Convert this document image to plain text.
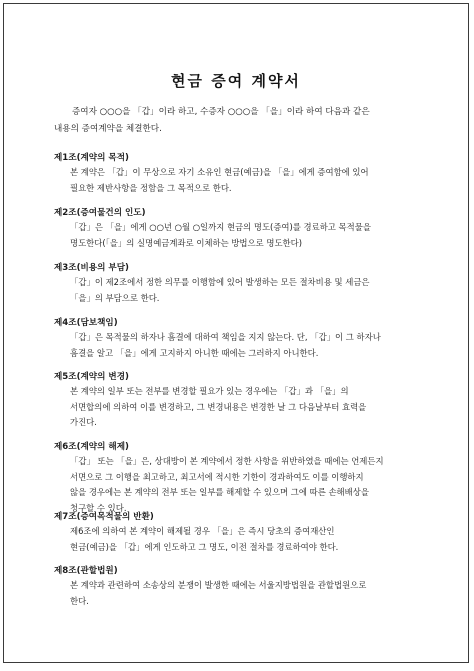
현금 증여 계약서
증여자 ○○○을 「갑」이라 하고, 수증자 ○○○을 「을」이라 하여 다음과 같은
내용의 증여계약을 체결한다.
제1조(계약의 목적)
본 계약은 「갑」이 무상으로 자기 소유인 현금(예금)을 「을」에게 증여함에 있어
필요한 제반사항을 정함을 그 목적으로 한다.
제2조(증여물건의 인도)
「갑」은 「을」에게 ○○년 ○월 ○일까지 현금의 명도(증여)를 경료하고 목적물을
명도한다(「을」의 실명예금계좌로 이체하는 방법으로 명도한다)
제3조(비용의 부담)
「갑」이 제2조에서 정한 의무를 이행함에 있어 발생하는 모든 절차비용 및 세금은
「을」의 부담으로 한다.
제4조(담보책임)
「갑」은 목적물의 하자나 흠결에 대하여 책임을 지지 않는다. 단, 「갑」이 그 하자나
흠결을 알고 「을」에게 고지하지 아니한 때에는 그러하지 아니한다.
제5조(계약의 변경)
본 계약의 일부 또는 전부를 변경할 필요가 있는 경우에는 「갑」과 「을」의
서면합의에 의하여 이를 변경하고, 그 변경내용은 변경한 날 그 다음날부터 효력을
가진다.
제6조(계약의 해제)
「갑」 또는 「을」은, 상대방이 본 계약에서 정한 사항을 위반하였을 때에는 언제든지
서면으로 그 이행을 최고하고, 최고서에 적시한 기한이 경과하여도 이를 이행하지
않을 경우에는 본 계약의 전부 또는 일부를 해제할 수 있으며 그에 따른 손해배상을
청구할 수 있다.
제7조(증여목적물의 반환)
제6조에 의하여 본 계약이 해제될 경우 「을」은 즉시 당초의 증여재산인
현금(예금)을 「갑」에게 인도하고 그 명도, 이전 절차를 경료하여야 한다.
제8조(관할법원)
본 계약과 관련하여 소송상의 분쟁이 발생한 때에는 서울지방법원을 관할법원으로
한다.
